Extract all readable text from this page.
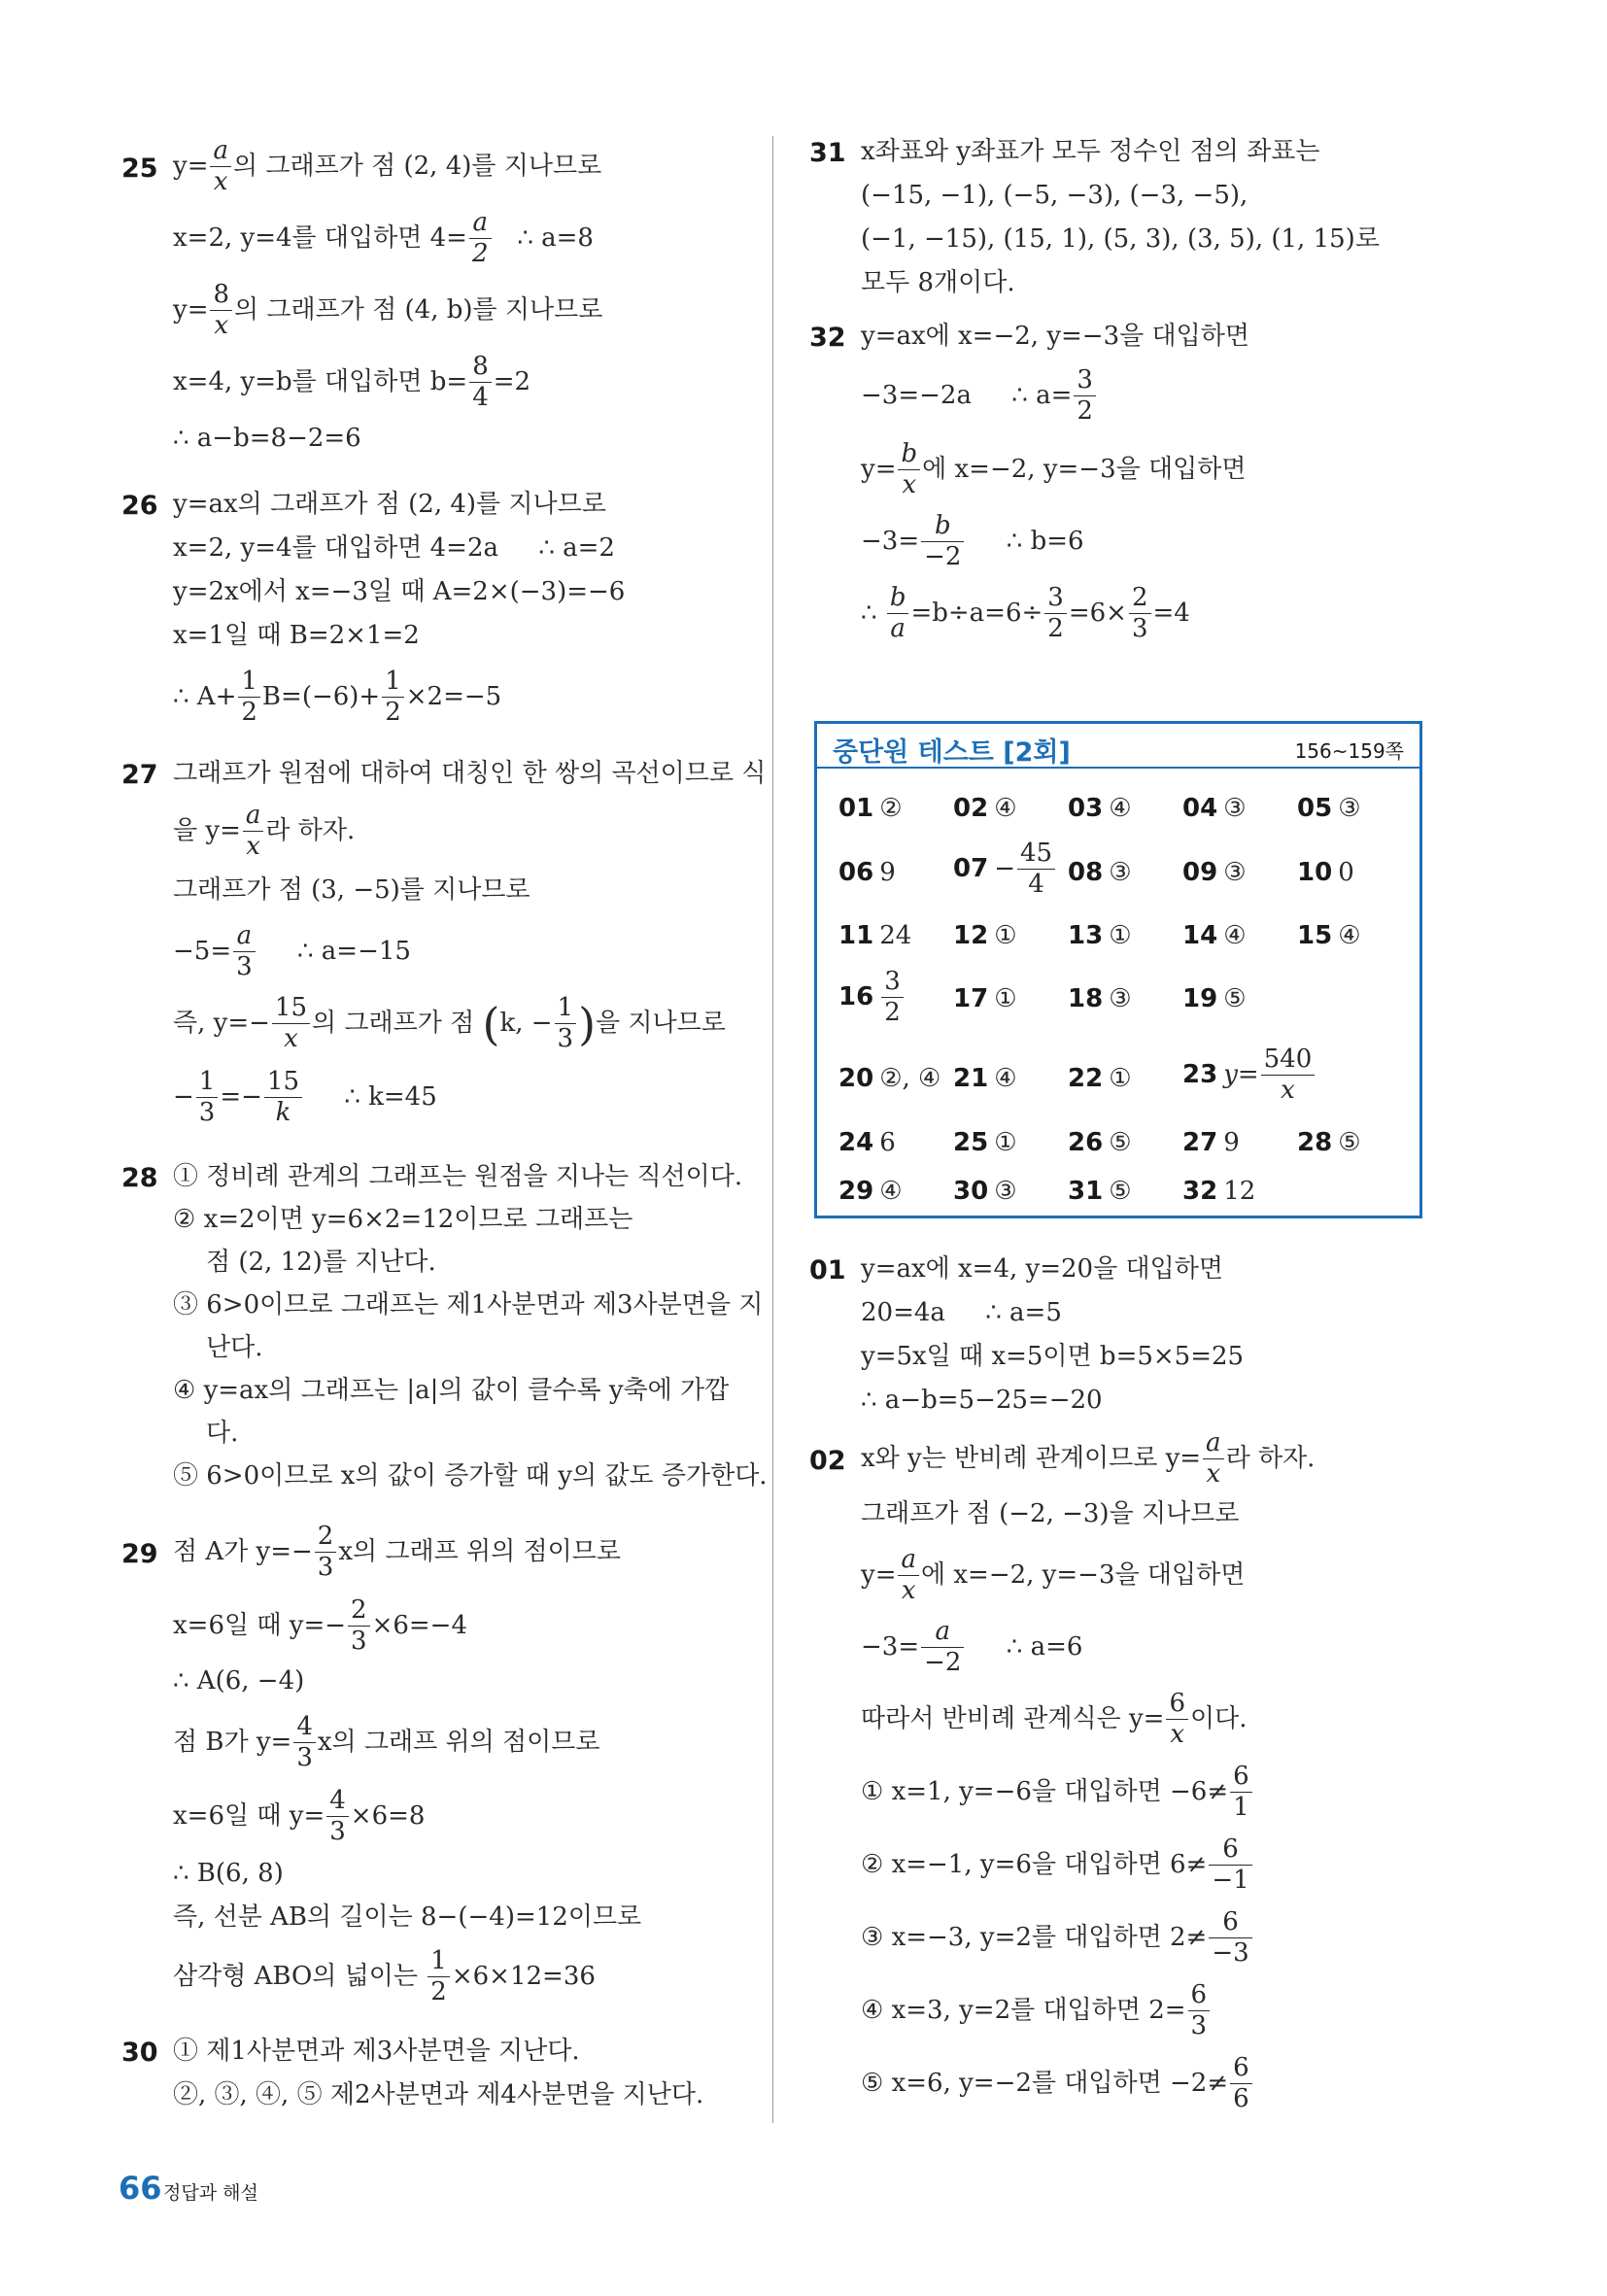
25 $y= \frac{a}{x}$ 의 그래프가 점 (2, 4)를 지나므로
x=2, y=4를 대입하면 $4= \frac{a}{2}$ ∴ a=8
$y= \frac{8}{x}$ 의 그래프가 점 (4, b)를 지나므로
x=4, y=b를 대입하면 $b= \frac{8}{4} =2$
∴ a−b=8−2=6
26 y=ax의 그래프가 점 (2, 4)를 지나므로
x=2, y=4를 대입하면 4=2a     ∴ a=2
y=2x에서 x=−3일 때 A=2×(−3)=−6
x=1일 때 B=2×1=2
∴ $A+ \frac{1}{2} B=(-6)+ \frac{1}{2} \times 2=-5$
27 그래프가 원점에 대하여 대칭인 한 쌍의 곡선이므로 식
을 $y= \frac{a}{x}$ 라 하자.
그래프가 점 (3, −5)를 지나므로
$-5= \frac{a}{3}$ ∴ a=−15
즉, $y=- \frac{15}{x}$ 의 그래프가 점 (k, − $\frac{1}{3}$ )을 지나므로
− $\frac{1}{3} =- \frac{15}{k}$ ∴ k=45
28 ① 정비례 관계의 그래프는 원점을 지나는 직선이다.
② x=2이면 y=6×2=12이므로 그래프는
점 (2, 12)를 지난다.
③ 6>0이므로 그래프는 제1사분면과 제3사분면을 지
난다.
④ y=ax의 그래프는 |a|의 값이 클수록 y축에 가깝
다.
⑤ 6>0이므로 x의 값이 증가할 때 y의 값도 증가한다.
29 점 A가 $y=- \frac{2}{3}$ x의 그래프 위의 점이므로
x=6일 때 $y=- \frac{2}{3} \times 6=-4$
∴ A(6, −4)
점 B가 $y= \frac{4}{3}$ x의 그래프 위의 점이므로
x=6일 때 $y= \frac{4}{3} \times 6=8$
∴ B(6, 8)
즉, 선분 AB의 길이는 8−(−4)=12이므로
삼각형 ABO의 넓이는 $\frac{1}{2} \times 6\times 12=36$
30 ① 제1사분면과 제3사분면을 지난다.
②, ③, ④, ⑤ 제2사분면과 제4사분면을 지난다.
31 x좌표와 y좌표가 모두 정수인 점의 좌표는
(−15, −1), (−5, −3), (−3, −5),
(−1, −15), (15, 1), (5, 3), (3, 5), (1, 15)로
모두 8개이다.
32 y=ax에 x=−2, y=−3을 대입하면
−3=−2a     ∴ $a= \frac{3}{2}$
$y= \frac{b}{x}$ 에 x=−2, y=−3을 대입하면
$-3= \frac{b}{-2}$ ∴ b=6
∴ $\frac{b}{a} =b\div a=6\div \frac{3}{2} =6\times \frac{2}{3} =4$
중단원 테스트 [2회]	156~159쪽
01 ② 02 ④ 03 ④ 04 ③ 05 ③
06 9 $07 - \frac{45}{4} 08$ ③ 09 ③ 10 0
11 24 12 ① 13 ① 14 ④ 15 ④
$16 \frac{3}{2} 17$ ① 18 ③ 19 ⑤
20 ②, ④ 21 ④ 22 ① 23 $y= \frac{540}{x}$
24 6 25 ① 26 ⑤ 27 9 28 ⑤
29 ④ 30 ③ 31 ⑤ 32 12
01 y=ax에 x=4, y=20을 대입하면
20=4a     ∴ a=5
y=5x일 때 x=5이면 b=5×5=25
∴ a−b=5−25=−20
02 x와 y는 반비례 관계이므로 $y= \frac{a}{x}$ 라 하자.
그래프가 점 (−2, −3)을 지나므로
$y= \frac{a}{x}$ 에 x=−2, y=−3을 대입하면
$-3= \frac{a}{-2}$ ∴ a=6
따라서 반비례 관계식은 $y= \frac{6}{x}$ 이다.
① x=1, y=−6을 대입하면 $-6\ne \frac{6}{1}$
② x=−1, y=6을 대입하면 $6\ne \frac{6}{-1}$
③ x=−3, y=2를 대입하면 $2\ne \frac{6}{-3}$
④ x=3, y=2를 대입하면 $2= \frac{6}{3}$
⑤ x=6, y=−2를 대입하면 $-2\ne \frac{6}{6}$
66 정답과 해설
